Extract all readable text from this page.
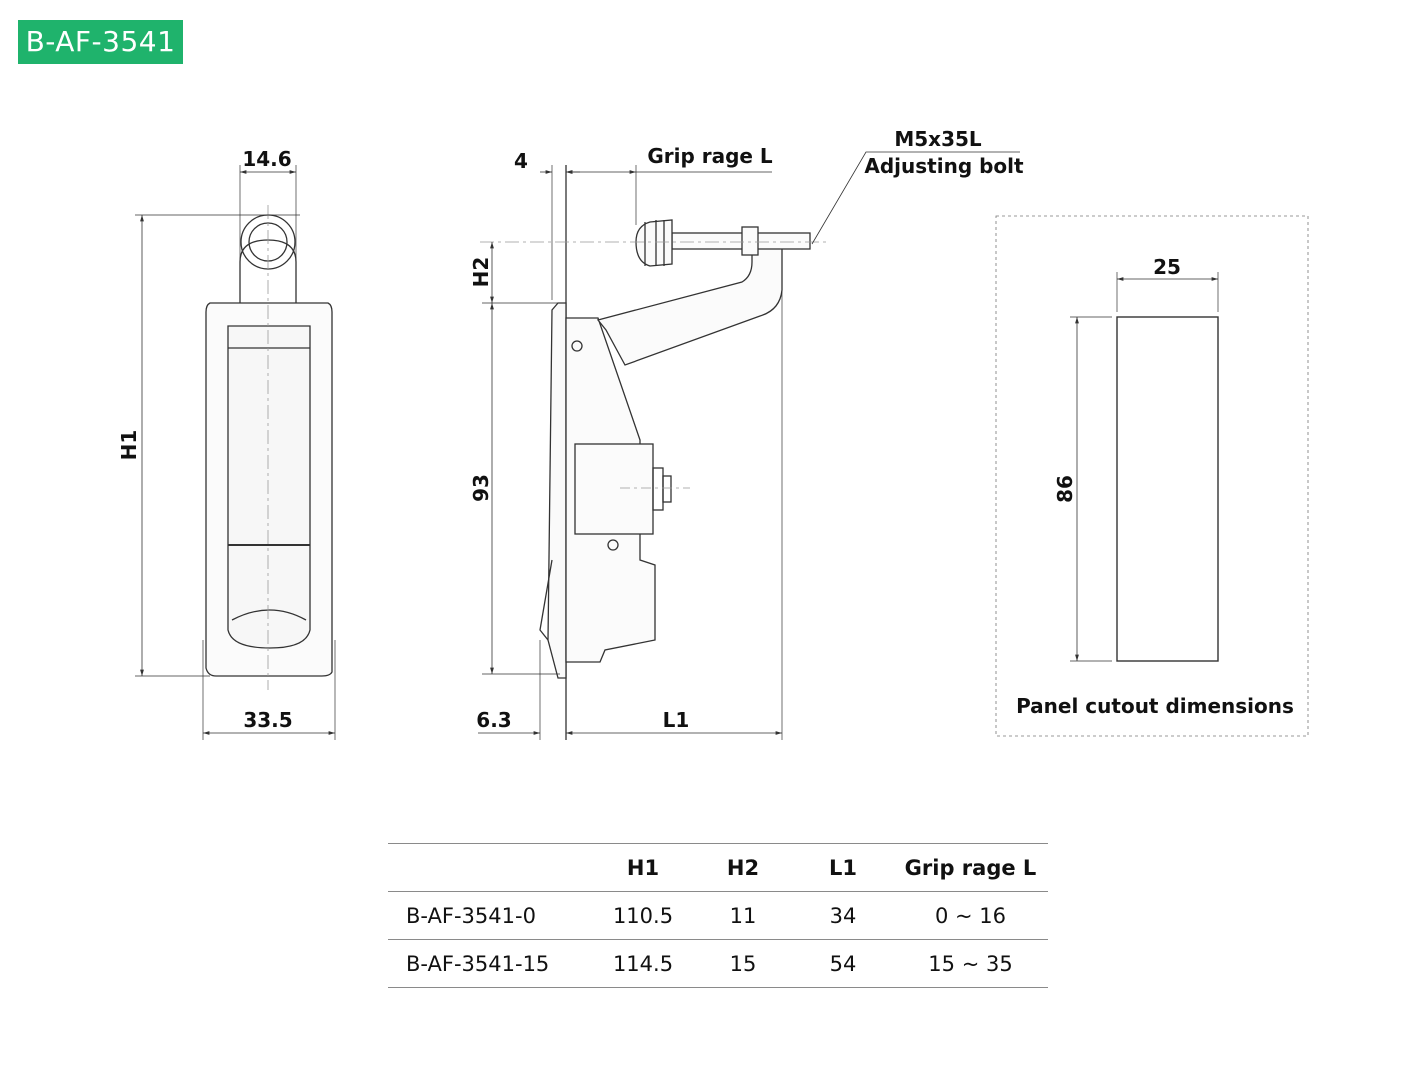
B-AF-3541
14.6
H1
33.5
4	Grip rage L
H2
93
6.3	L1
M5x35L
Adjusting bolt
25
86
Panel cutout dimensions
	H1	H2	L1	Grip rage L
B-AF-3541-0	110.5	11	34	0 ~ 16
B-AF-3541-15	114.5	15	54	15 ~ 35
